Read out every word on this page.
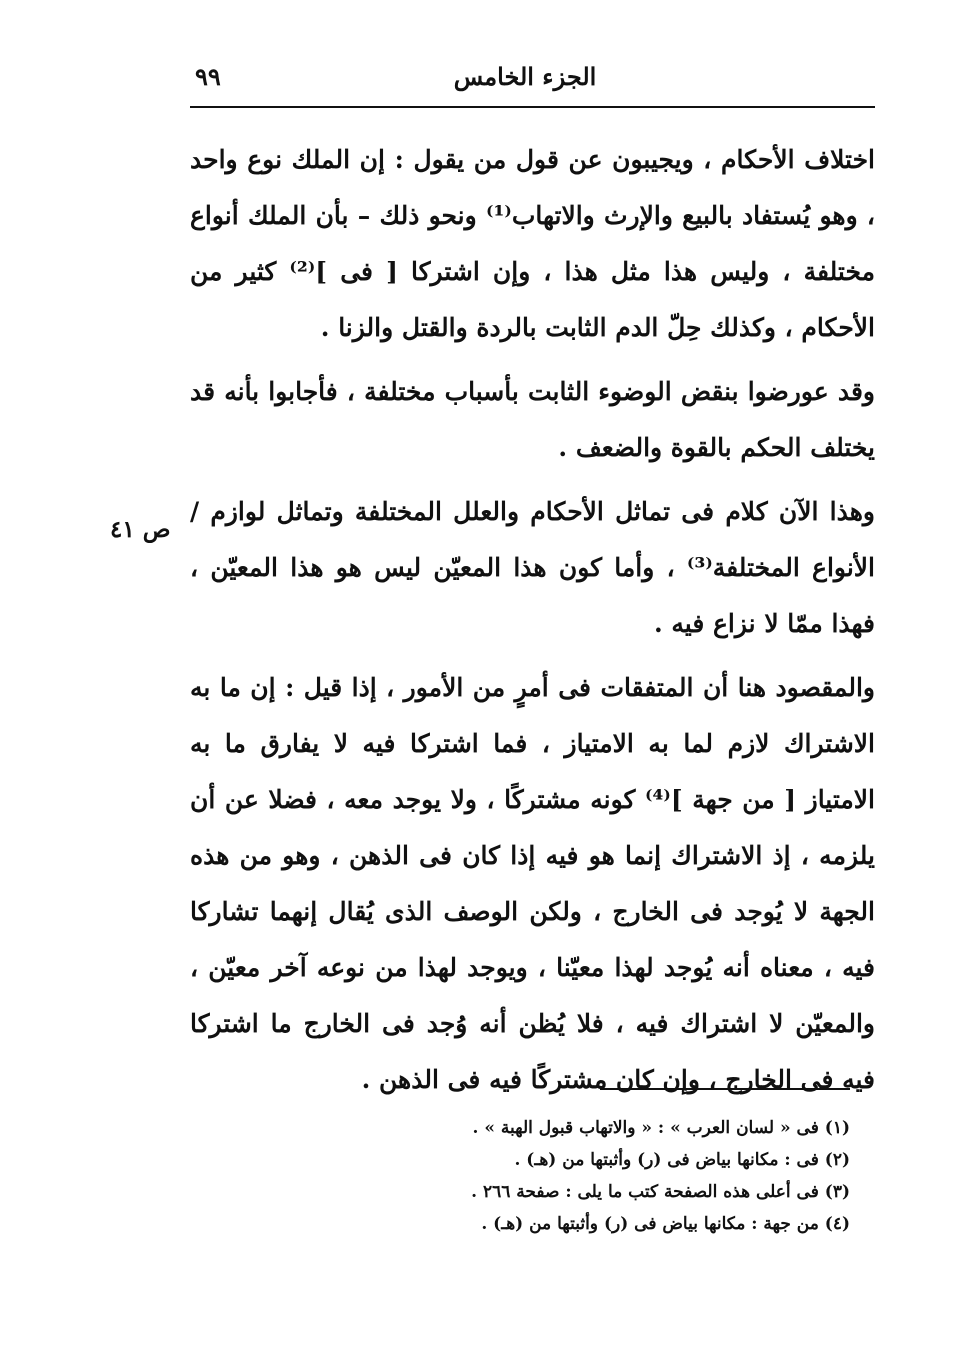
٩٩	الجزء الخامس
ص ٤١

اختلاف الأحكام ، ويجيبون عن قول من يقول : إن الملك نوع واحد ، وهو يُستفاد بالبيع والإرث والاتهاب⁽¹⁾ ونحو ذلك – بأن الملك أنواع مختلفة ، وليس هذا مثل هذا ، وإن اشتركا [ فى ]⁽²⁾ كثير من الأحكام ، وكذلك حِلّ الدم الثابت بالردة والقتل والزنا .

وقد عورضوا بنقض الوضوء الثابت بأسباب مختلفة ، فأجابوا بأنه قد يختلف الحكم بالقوة والضعف .

وهذا الآن كلام فى تماثل الأحكام والعلل المختلفة وتماثل لوازم / الأنواع المختلفة⁽³⁾ ، وأما كون هذا المعيّن ليس هو هذا المعيّن ، فهذا ممّا لا نزاع فيه .

والمقصود هنا أن المتفقات فى أمرٍ من الأمور ، إذا قيل : إن ما به الاشتراك لازم لما به الامتياز ، فما اشتركا فيه لا يفارق ما به الامتياز [ من جهة ]⁽⁴⁾ كونه مشتركًا ، ولا يوجد معه ، فضلا عن أن يلزمه ، إذ الاشتراك إنما هو فيه إذا كان فى الذهن ، وهو من هذه الجهة لا يُوجد فى الخارج ، ولكن الوصف الذى يُقال إنهما تشاركا فيه ، معناه أنه يُوجد لهذا معيّنا ، ويوجد لهذا من نوعه آخر معيّن ، والمعيّن لا اشتراك فيه ، فلا يُظن أنه وُجد فى الخارج ما اشتركا فيه فى الخارج ، وإن كان مشتركًا فيه فى الذهن .

(١) فى « لسان العرب » : « والاتهاب قبول الهبة » .
(٢) فى : مكانها بياض فى (ر) وأثبتها من (هـ) .
(٣) فى أعلى هذه الصفحة كتب ما يلى : صفحة ٢٦٦ .
(٤) من جهة : مكانها بياض فى (ر) وأثبتها من (هـ) .
